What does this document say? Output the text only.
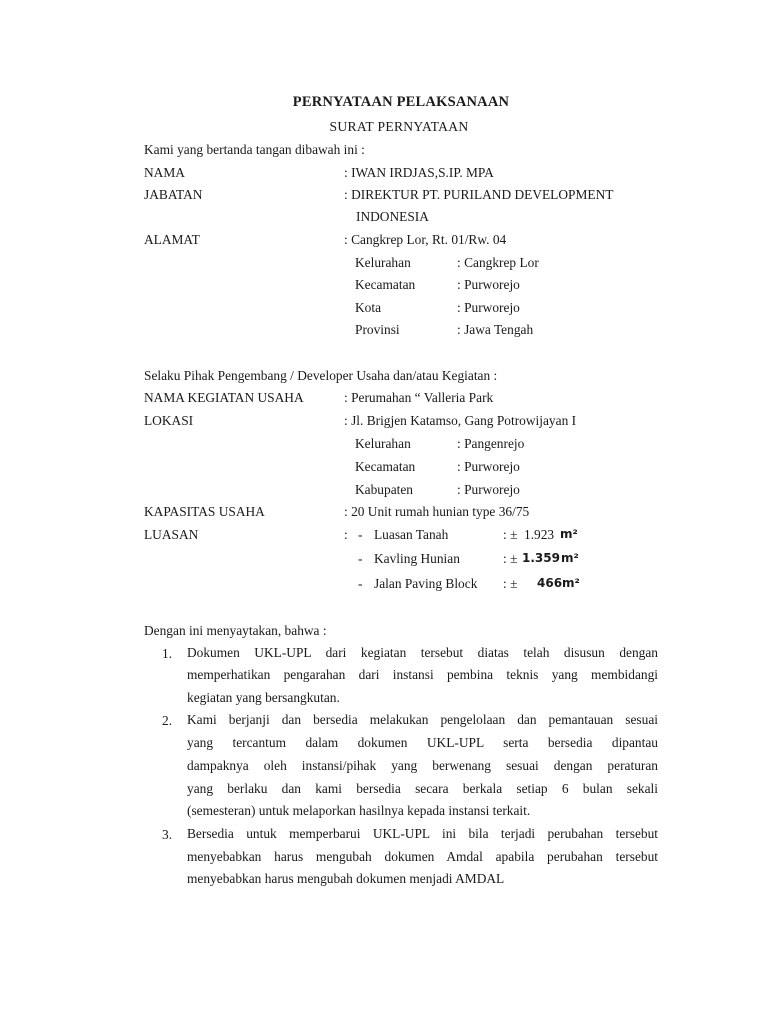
PERNYATAAN PELAKSANAAN
SURAT PERNYATAAN
Kami yang bertanda tangan dibawah ini :
NAMA	: IWAN IRDJAS,S.IP. MPA
JABATAN	: DIREKTUR PT. PURILAND DEVELOPMENT
INDONESIA
ALAMAT	: Cangkrep Lor, Rt. 01/Rw. 04
Kelurahan	: Cangkrep Lor
Kecamatan	: Purworejo
Kota	: Purworejo
Provinsi	: Jawa Tengah
Selaku Pihak Pengembang / Developer Usaha dan/atau Kegiatan :
NAMA KEGIATAN USAHA	: Perumahan “ Valleria Park
LOKASI	: Jl. Brigjen Katamso, Gang Potrowijayan I
Kelurahan	: Pangenrejo
Kecamatan	: Purworejo
Kabupaten	: Purworejo
KAPASITAS USAHA	: 20 Unit rumah hunian type 36/75
LUASAN	: - Luasan Tanah	: ± 1.923 m²
- Kavling Hunian	: ± 1.359 m²
- Jalan Paving Block : ± 466 m²
Dengan ini menyaytakan, bahwa :
1. Dokumen UKL-UPL dari kegiatan tersebut diatas telah disusun dengan
memperhatikan pengarahan dari instansi pembina teknis yang membidangi
kegiatan yang bersangkutan.
2. Kami berjanji dan bersedia melakukan pengelolaan dan pemantauan sesuai
yang tercantum dalam dokumen UKL-UPL serta bersedia dipantau
dampaknya oleh instansi/pihak yang berwenang sesuai dengan peraturan
yang berlaku dan kami bersedia secara berkala setiap 6 bulan sekali
(semesteran) untuk melaporkan hasilnya kepada instansi terkait.
3. Bersedia untuk memperbarui UKL-UPL ini bila terjadi perubahan tersebut
menyebabkan harus mengubah dokumen Amdal apabila perubahan tersebut
menyebabkan harus mengubah dokumen menjadi AMDAL
